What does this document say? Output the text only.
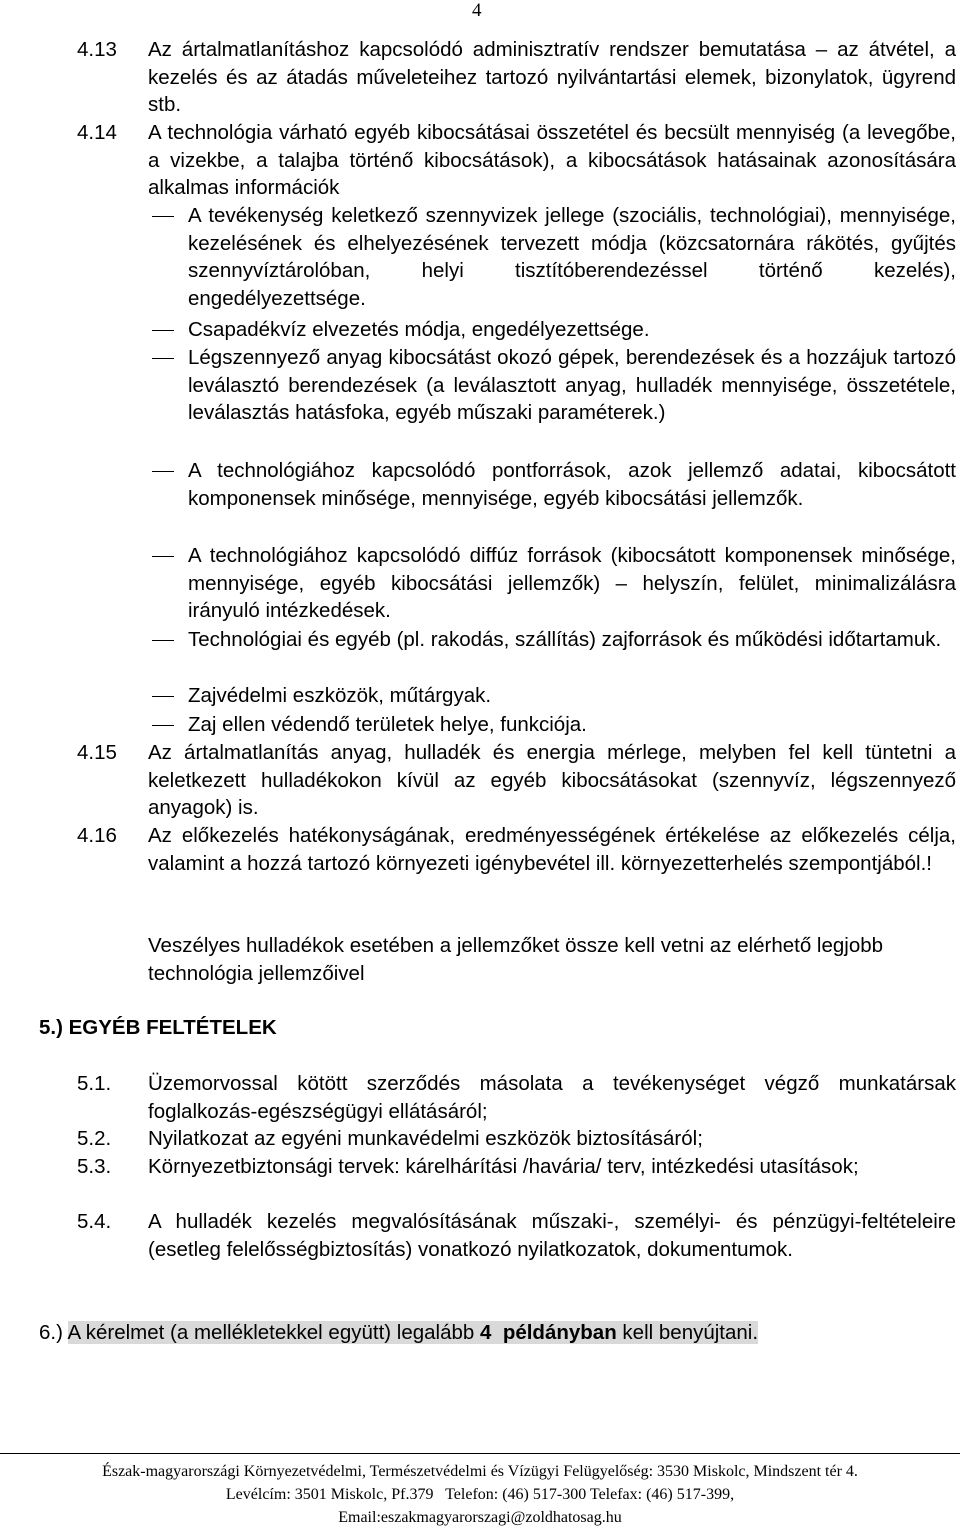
4
4.13 Az ártalmatlanításhoz kapcsolódó adminisztratív rendszer bemutatása – az átvétel, a kezelés és az átadás műveleteihez tartozó nyilvántartási elemek, bizonylatok, ügyrend stb.
4.14 A technológia várható egyéb kibocsátásai összetétel és becsült mennyiség (a levegőbe, a vizekbe, a talajba történő kibocsátások), a kibocsátások hatásainak azonosítására alkalmas információk
A tevékenység keletkező szennyvizek jellege (szociális, technológiai), mennyisége, kezelésének és elhelyezésének tervezett módja (közcsatornára rákötés, gyűjtés szennyvíztárolóban, helyi tisztítóberendezéssel történő kezelés), engedélyezettsége.
Csapadékvíz elvezetés módja, engedélyezettsége.
Légszennyező anyag kibocsátást okozó gépek, berendezések és a hozzájuk tartozó leválasztó berendezések (a leválasztott anyag, hulladék mennyisége, összetétele, leválasztás hatásfoka, egyéb műszaki paraméterek.)
A technológiához kapcsolódó pontforrások, azok jellemző adatai, kibocsátott komponensek minősége, mennyisége, egyéb kibocsátási jellemzők.
A technológiához kapcsolódó diffúz források (kibocsátott komponensek minősége, mennyisége, egyéb kibocsátási jellemzők) – helyszín, felület, minimalizálásra irányuló intézkedések.
Technológiai és egyéb (pl. rakodás, szállítás) zajforrások és működési időtartamuk.
Zajvédelmi eszközök, műtárgyak.
Zaj ellen védendő területek helye, funkciója.
4.15 Az ártalmatlanítás anyag, hulladék és energia mérlege, melyben fel kell tüntetni a keletkezett hulladékokon kívül az egyéb kibocsátásokat (szennyvíz, légszennyező anyagok) is.
4.16 Az előkezelés hatékonyságának, eredményességének értékelése az előkezelés célja, valamint a hozzá tartozó környezeti igénybevétel ill. környezetterhelés szempontjából.!
Veszélyes hulladékok esetében a jellemzőket össze kell vetni az elérhető legjobb technológia jellemzőivel
5.) EGYÉB FELTÉTELEK
5.1. Üzemorvossal kötött szerződés másolata a tevékenységet végző munkatársak foglalkozás-egészségügyi ellátásáról;
5.2. Nyilatkozat az egyéni munkavédelmi eszközök biztosításáról;
5.3. Környezetbiztonsági tervek: kárelhárítási /havária/ terv, intézkedési utasítások;
5.4. A hulladék kezelés megvalósításának műszaki-, személyi- és pénzügyi-feltételeire (esetleg felelősségbiztosítás) vonatkozó nyilatkozatok, dokumentumok.
6.) A kérelmet (a mellékletekkel együtt) legalább 4 példányban kell benyújtani.
Észak-magyarországi Környezetvédelmi, Természetvédelmi és Vízügyi Felügyelőség: 3530 Miskolc, Mindszent tér 4.
Levélcím: 3501 Miskolc, Pf.379   Telefon: (46) 517-300 Telefax: (46) 517-399,
Email:eszakmagyarorszagi@zoldhatosag.hu
